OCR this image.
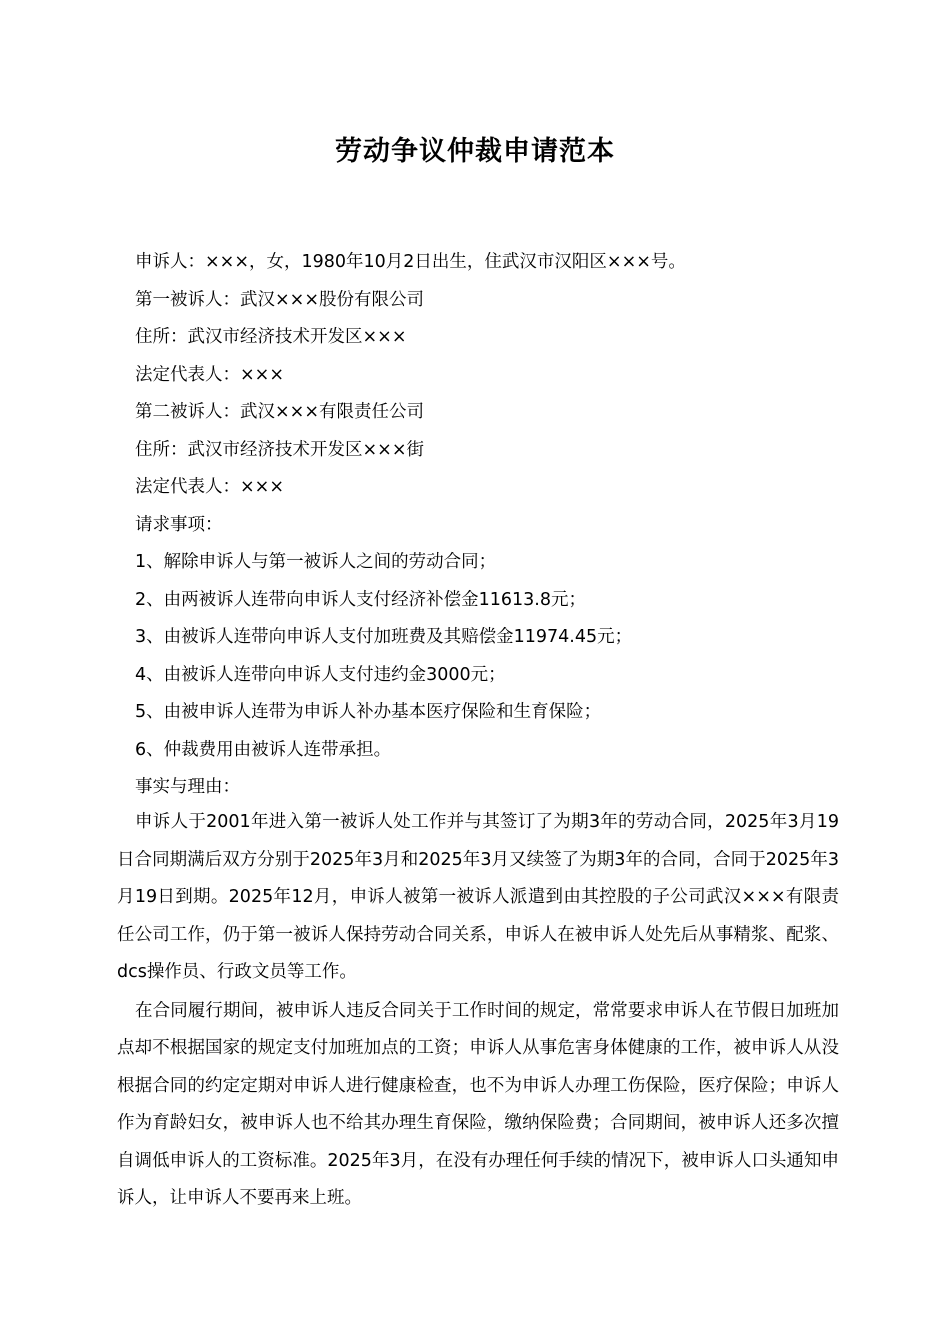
劳动争议仲裁申请范本
申诉人：×××，女，1980年10月2日出生，住武汉市汉阳区×××号。
第一被诉人：武汉×××股份有限公司
住所：武汉市经济技术开发区×××
法定代表人：×××
第二被诉人：武汉×××有限责任公司
住所：武汉市经济技术开发区×××街
法定代表人：×××
请求事项：
1、解除申诉人与第一被诉人之间的劳动合同；
2、由两被诉人连带向申诉人支付经济补偿金11613.8元；
3、由被诉人连带向申诉人支付加班费及其赔偿金11974.45元；
4、由被诉人连带向申诉人支付违约金3000元；
5、由被申诉人连带为申诉人补办基本医疗保险和生育保险；
6、仲裁费用由被诉人连带承担。
事实与理由：

申诉人于2001年进入第一被诉人处工作并与其签订了为期3年的劳动合同，2025年3月19日合同期满后双方分别于2025年3月和2025年3月又续签了为期3年的合同，合同于2025年3月19日到期。2025年12月，申诉人被第一被诉人派遣到由其控股的子公司武汉×××有限责任公司工作，仍于第一被诉人保持劳动合同关系，申诉人在被申诉人处先后从事精浆、配浆、dcs操作员、行政文员等工作。

在合同履行期间，被申诉人违反合同关于工作时间的规定，常常要求申诉人在节假日加班加点却不根据国家的规定支付加班加点的工资；申诉人从事危害身体健康的工作，被申诉人从没根据合同的约定定期对申诉人进行健康检查，也不为申诉人办理工伤保险，医疗保险；申诉人作为育龄妇女，被申诉人也不给其办理生育保险，缴纳保险费；合同期间，被申诉人还多次擅自调低申诉人的工资标准。2025年3月，在没有办理任何手续的情况下，被申诉人口头通知申诉人，让申诉人不要再来上班。
